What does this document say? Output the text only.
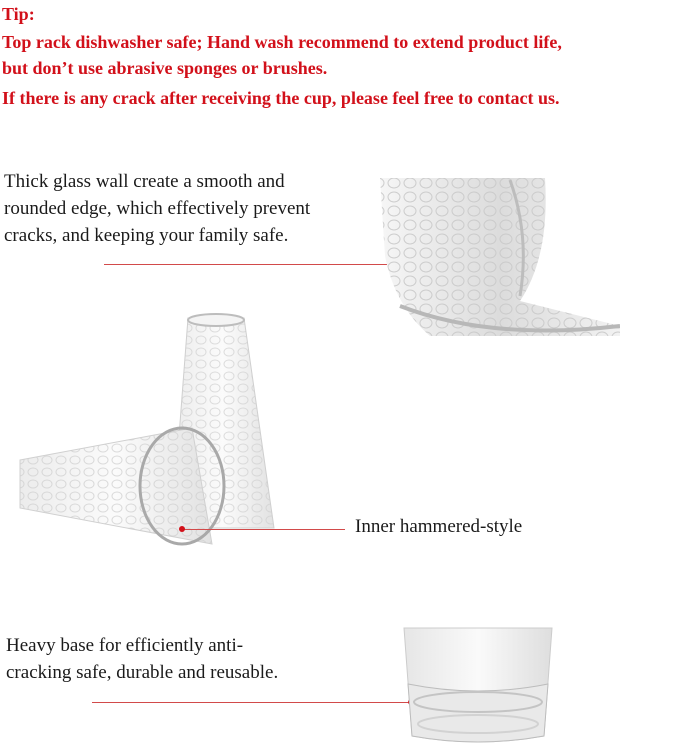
Tip:

Top rack dishwasher safe; Hand wash recommend to extend product life,

but don’t use abrasive sponges or brushes.

If there is any crack after receiving the cup, please feel free to contact us.

Thick glass wall create a smooth and rounded edge, which effectively prevent cracks, and keeping your family safe.

Inner hammered-style

Heavy base for efficiently anti-cracking safe, durable and reusable.
